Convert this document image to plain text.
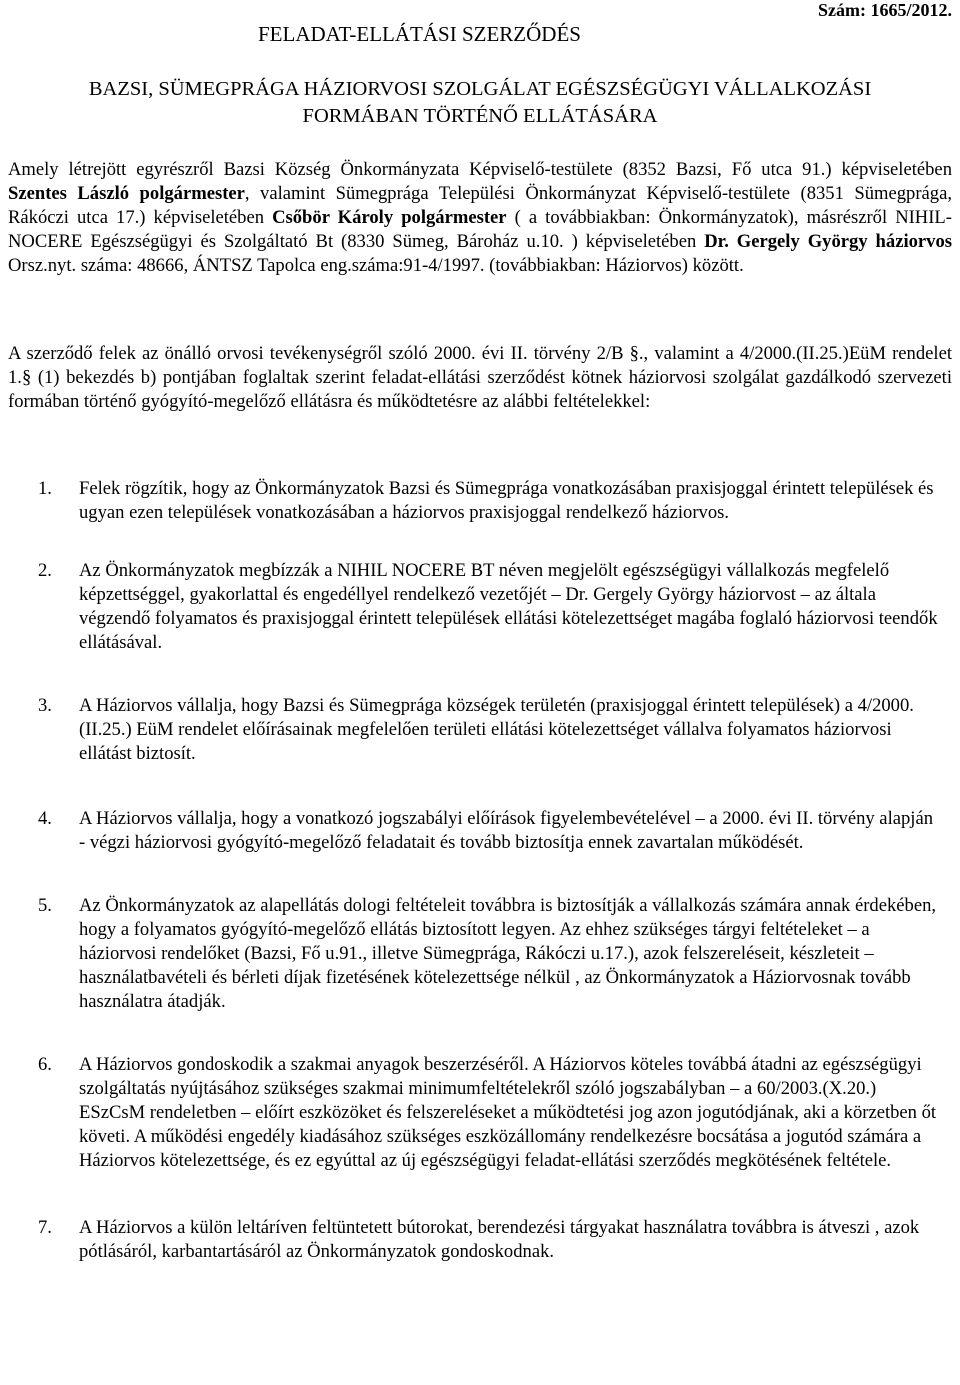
FELADAT-ELLÁTÁSI SZERZŐDÉS
Szám: 1665/2012.
BAZSI, SÜMEGPRÁGA HÁZIORVOSI SZOLGÁLAT EGÉSZSÉGÜGYI VÁLLALKOZÁSI
FORMÁBAN TÖRTÉNŐ ELLÁTÁSÁRA
Amely létrejött egyrészről Bazsi Község Önkormányzata Képviselő-testülete (8352 Bazsi, Fő utca 91.) képviseletében Szentes László polgármester, valamint Sümegprága Települési Önkormányzat Képviselő-testülete (8351 Sümegprága, Rákóczi utca 17.) képviseletében Csőbör Károly polgármester ( a továbbiakban: Önkormányzatok), másrészről NIHIL-NOCERE Egészségügyi és Szolgáltató Bt (8330 Sümeg, Bároház u.10. ) képviseletében Dr. Gergely György háziorvos Orsz.nyt. száma: 48666, ÁNTSZ Tapolca eng.száma:91-4/1997. (továbbiakban: Háziorvos) között.
A szerződő felek az önálló orvosi tevékenységről szóló 2000. évi II. törvény 2/B §., valamint a 4/2000.(II.25.)EüM rendelet 1.§ (1) bekezdés b) pontjában foglaltak szerint feladat-ellátási szerződést kötnek háziorvosi szolgálat gazdálkodó szervezeti formában történő gyógyító-megelőző ellátásra és működtetésre az alábbi feltételekkel:
1.	Felek rögzítik, hogy az Önkormányzatok Bazsi és Sümegprága vonatkozásában praxisjoggal érintett települések és ugyan ezen települések vonatkozásában a háziorvos praxisjoggal rendelkező háziorvos.
2.	Az Önkormányzatok megbízzák a NIHIL NOCERE BT néven megjelölt egészségügyi vállalkozás megfelelő képzettséggel, gyakorlattal és engedéllyel rendelkező vezetőjét – Dr. Gergely György háziorvost – az általa végzendő folyamatos és praxisjoggal érintett települések ellátási kötelezettséget magába foglaló háziorvosi teendők ellátásával.
3.	A Háziorvos vállalja, hogy Bazsi és Sümegprága községek területén (praxisjoggal érintett települések) a 4/2000.(II.25.) EüM rendelet előírásainak megfelelően területi ellátási kötelezettséget vállalva folyamatos háziorvosi ellátást biztosít.
4.	A Háziorvos vállalja, hogy a vonatkozó jogszabályi előírások figyelembevételével – a 2000. évi II. törvény alapján - végzi háziorvosi gyógyító-megelőző feladatait és tovább biztosítja ennek zavartalan működését.
5.	Az Önkormányzatok az alapellátás dologi feltételeit továbbra is biztosítják a vállalkozás számára annak érdekében, hogy a folyamatos gyógyító-megelőző ellátás biztosított legyen. Az ehhez szükséges tárgyi feltételeket – a háziorvosi rendelőket (Bazsi, Fő u.91., illetve Sümegprága, Rákóczi u.17.), azok felszereléseit, készleteit – használatbavételi és bérleti díjak fizetésének kötelezettsége nélkül , az Önkormányzatok a Háziorvosnak tovább használatra átadják.
6.	A Háziorvos gondoskodik a szakmai anyagok beszerzéséről. A Háziorvos köteles továbbá átadni az egészségügyi szolgáltatás nyújtásához szükséges szakmai minimumfeltételekről szóló jogszabályban – a 60/2003.(X.20.) ESzCsM rendeletben – előírt eszközöket és felszereléseket a működtetési jog azon jogutódjának, aki a körzetben őt követi. A működési engedély kiadásához szükséges eszközállomány rendelkezésre bocsátása a jogutód számára a Háziorvos kötelezettsége, és ez egyúttal az új egészségügyi feladat-ellátási szerződés megkötésének feltétele.
7.	A Háziorvos a külön leltáríven feltüntetett bútorokat, berendezési tárgyakat használatra továbbra is átveszi , azok pótlásáról, karbantartásáról az Önkormányzatok gondoskodnak.
